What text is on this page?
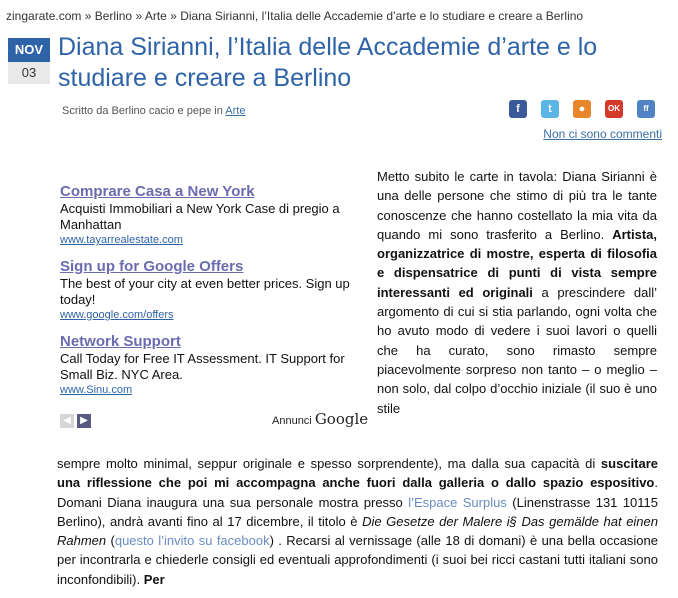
zingarate.com » Berlino » Arte » Diana Sirianni, l’Italia delle Accademie d’arte e lo studiare e creare a Berlino
NOV
03
Diana Sirianni, l’Italia delle Accademie d’arte e lo studiare e creare a Berlino
Scritto da Berlino cacio e pepe in Arte	f	t	●	OK	ff
Non ci sono commenti
Comprare Casa a New York
Acquisti Immobiliari a New York Case di pregio a Manhattan
www.tayarrealestate.com
Sign up for Google Offers
The best of your city at even better prices. Sign up today!
www.google.com/offers
Network Support
Call Today for Free IT Assessment. IT Support for Small Biz. NYC Area.
www.Sinu.com
◀ ▶	Annunci Google
Metto subito le carte in tavola: Diana Sirianni è una delle persone che stimo di più tra le tante conoscenze che hanno costellato la mia vita da quando mi sono trasferito a Berlino. Artista, organizzatrice di mostre, esperta di filosofia e dispensatrice di punti di vista sempre interessanti ed originali a prescindere dall’ argomento di cui si stia parlando, ogni volta che ho avuto modo di vedere i suoi lavori o quelli che ha curato, sono rimasto sempre piacevolmente sorpreso non tanto – o meglio – non solo, dal colpo d’occhio iniziale (il suo è uno stile
sempre molto minimal, seppur originale e spesso sorprendente), ma dalla sua capacità di suscitare una riflessione che poi mi accompagna anche fuori dalla galleria o dallo spazio espositivo. Domani Diana inaugura una sua personale mostra presso l’Espace Surplus (Linenstrasse 131 10115 Berlino), andrà avanti fino al 17 dicembre, il titolo è Die Gesetze der Malere i§ Das gemälde hat einen Rahmen (questo l’invito su facebook) . Recarsi al vernissage (alle 18 di domani) è una bella occasione per incontrarla e chiederle consigli ed eventuali approfondimenti (i suoi bei ricci castani tutti italiani sono inconfondibili). Per
